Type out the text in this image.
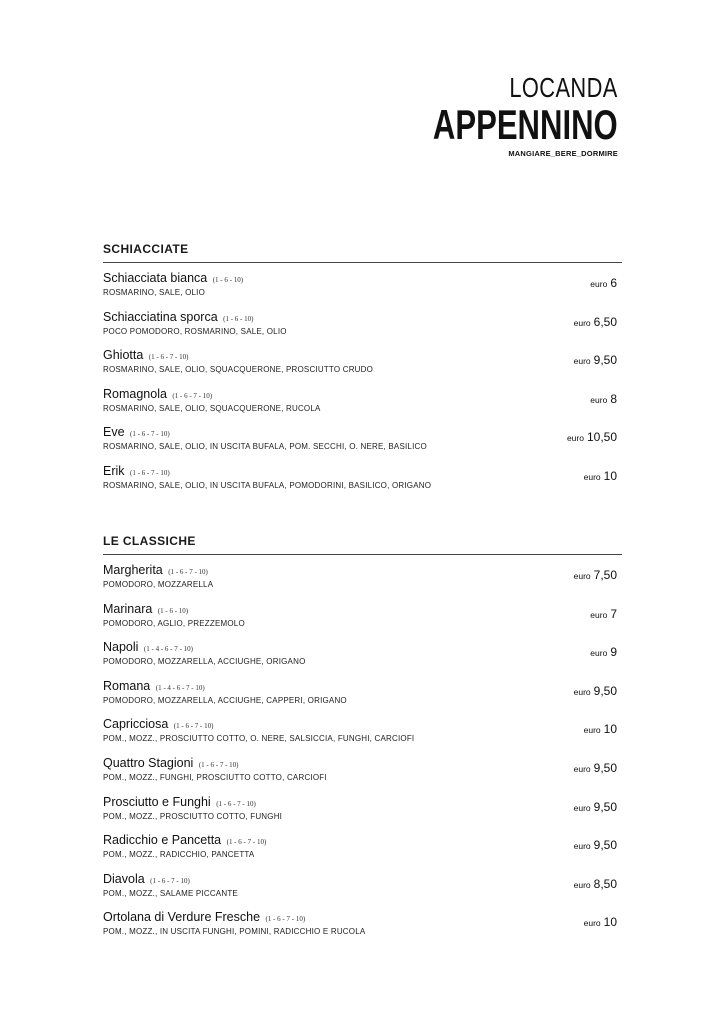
LOCANDA
APPENNINO
MANGIARE_BERE_DORMIRE
SCHIACCIATE
Schiacciata bianca (1 - 6 - 10)
ROSMARINO, SALE, OLIO
euro 6
Schiacciatina sporca (1 - 6 - 10)
POCO POMODORO, ROSMARINO, SALE, OLIO
euro 6,50
Ghiotta (1 - 6 - 7 - 10)
ROSMARINO, SALE, OLIO, SQUACQUERONE, PROSCIUTTO CRUDO
euro 9,50
Romagnola (1 - 6 - 7 - 10)
ROSMARINO, SALE, OLIO, SQUACQUERONE, RUCOLA
euro 8
Eve (1 - 6 - 7 - 10)
ROSMARINO, SALE, OLIO, IN USCITA BUFALA, POM. SECCHI, O. NERE, BASILICO
euro 10,50
Erik (1 - 6 - 7 - 10)
ROSMARINO, SALE, OLIO, IN USCITA BUFALA, POMODORINI, BASILICO, ORIGANO
euro 10
LE CLASSICHE
Margherita (1 - 6 - 7 - 10)
POMODORO, MOZZARELLA
euro 7,50
Marinara (1 - 6 - 10)
POMODORO, AGLIO, PREZZEMOLO
euro 7
Napoli (1 - 4 - 6 - 7 - 10)
POMODORO, MOZZARELLA, ACCIUGHE, ORIGANO
euro 9
Romana (1 - 4 - 6 - 7 - 10)
POMODORO, MOZZARELLA, ACCIUGHE, CAPPERI, ORIGANO
euro 9,50
Capricciosa (1 - 6 - 7 - 10)
POM., MOZZ., PROSCIUTTO COTTO, O. NERE, SALSICCIA, FUNGHI, CARCIOFI
euro 10
Quattro Stagioni (1 - 6 - 7 - 10)
POM., MOZZ., FUNGHI, PROSCIUTTO COTTO, CARCIOFI
euro 9,50
Prosciutto e Funghi (1 - 6 - 7 - 10)
POM., MOZZ., PROSCIUTTO COTTO, FUNGHI
euro 9,50
Radicchio e Pancetta (1 - 6 - 7 - 10)
POM., MOZZ., RADICCHIO, PANCETTA
euro 9,50
Diavola (1 - 6 - 7 - 10)
POM., MOZZ., SALAME PICCANTE
euro 8,50
Ortolana di Verdure Fresche (1 - 6 - 7 - 10)
POM., MOZZ., IN USCITA FUNGHI, POMINI, RADICCHIO E RUCOLA
euro 10
